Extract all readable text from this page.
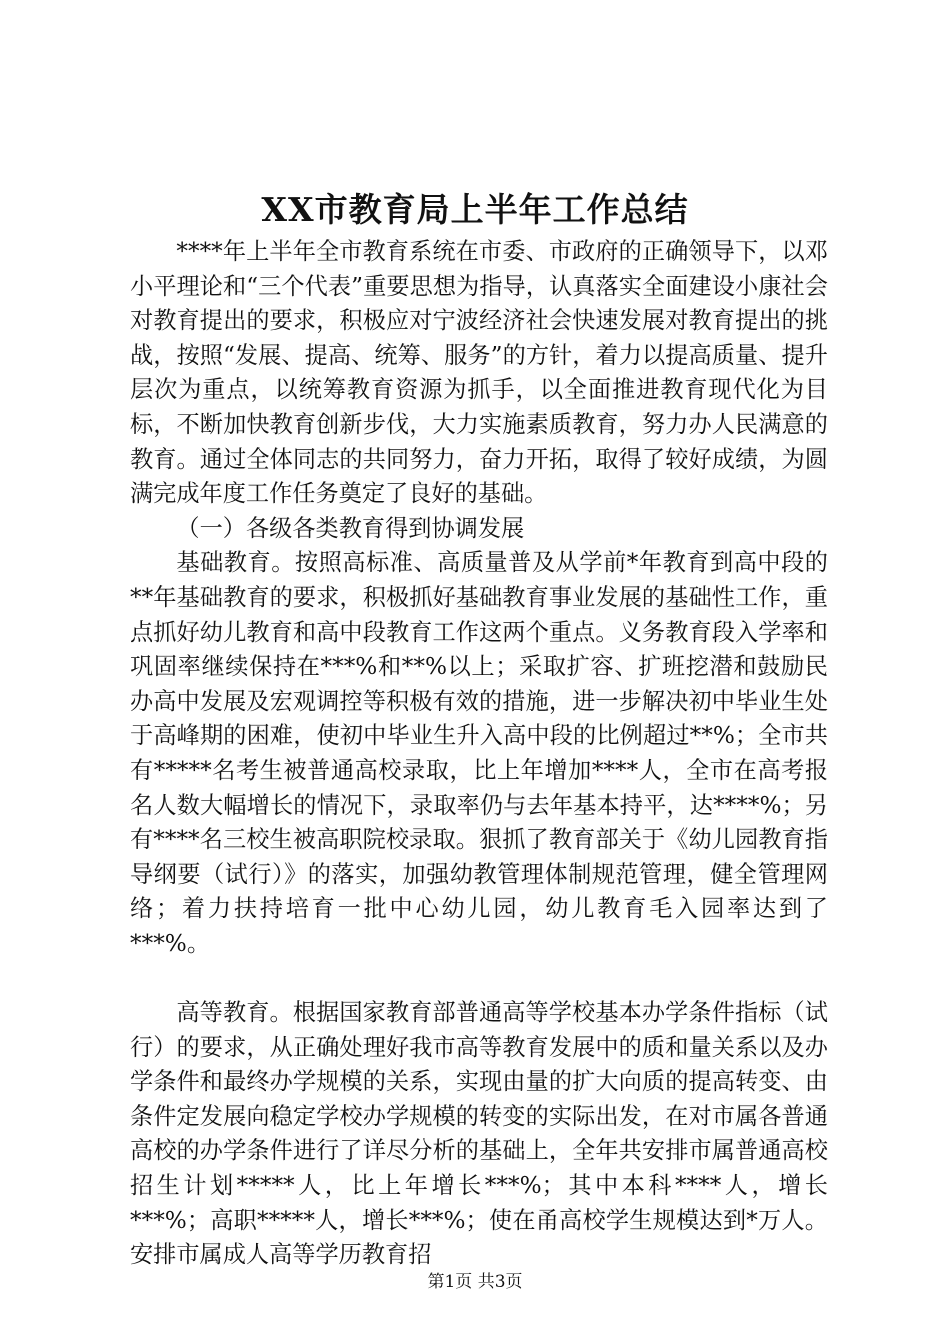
XX市教育局上半年工作总结

****年上半年全市教育系统在市委、市政府的正确领导下，以邓小平理论和“三个代表”重要思想为指导，认真落实全面建设小康社会对教育提出的要求，积极应对宁波经济社会快速发展对教育提出的挑战，按照“发展、提高、统筹、服务”的方针，着力以提高质量、提升层次为重点，以统筹教育资源为抓手，以全面推进教育现代化为目标，不断加快教育创新步伐，大力实施素质教育，努力办人民满意的教育。通过全体同志的共同努力，奋力开拓，取得了较好成绩，为圆满完成年度工作任务奠定了良好的基础。

（一）各级各类教育得到协调发展

基础教育。按照高标准、高质量普及从学前*年教育到高中段的**年基础教育的要求，积极抓好基础教育事业发展的基础性工作，重点抓好幼儿教育和高中段教育工作这两个重点。义务教育段入学率和巩固率继续保持在***%和**%以上；采取扩容、扩班挖潜和鼓励民办高中发展及宏观调控等积极有效的措施，进一步解决初中毕业生处于高峰期的困难，使初中毕业生升入高中段的比例超过**%；全市共有*****名考生被普通高校录取，比上年增加****人，全市在高考报名人数大幅增长的情况下，录取率仍与去年基本持平，达****%；另有****名三校生被高职院校录取。狠抓了教育部关于《幼儿园教育指导纲要（试行）》的落实，加强幼教管理体制规范管理，健全管理网络；着力扶持培育一批中心幼儿园，幼儿教育毛入园率达到了***%。

高等教育。根据国家教育部普通高等学校基本办学条件指标（试行）的要求，从正确处理好我市高等教育发展中的质和量关系以及办学条件和最终办学规模的关系，实现由量的扩大向质的提高转变、由条件定发展向稳定学校办学规模的转变的实际出发，在对市属各普通高校的办学条件进行了详尽分析的基础上，全年共安排市属普通高校招生计划*****人，比上年增长***%；其中本科****人，增长***%；高职*****人，增长***%；使在甬高校学生规模达到*万人。安排市属成人高等学历教育招

第1页 共3页
